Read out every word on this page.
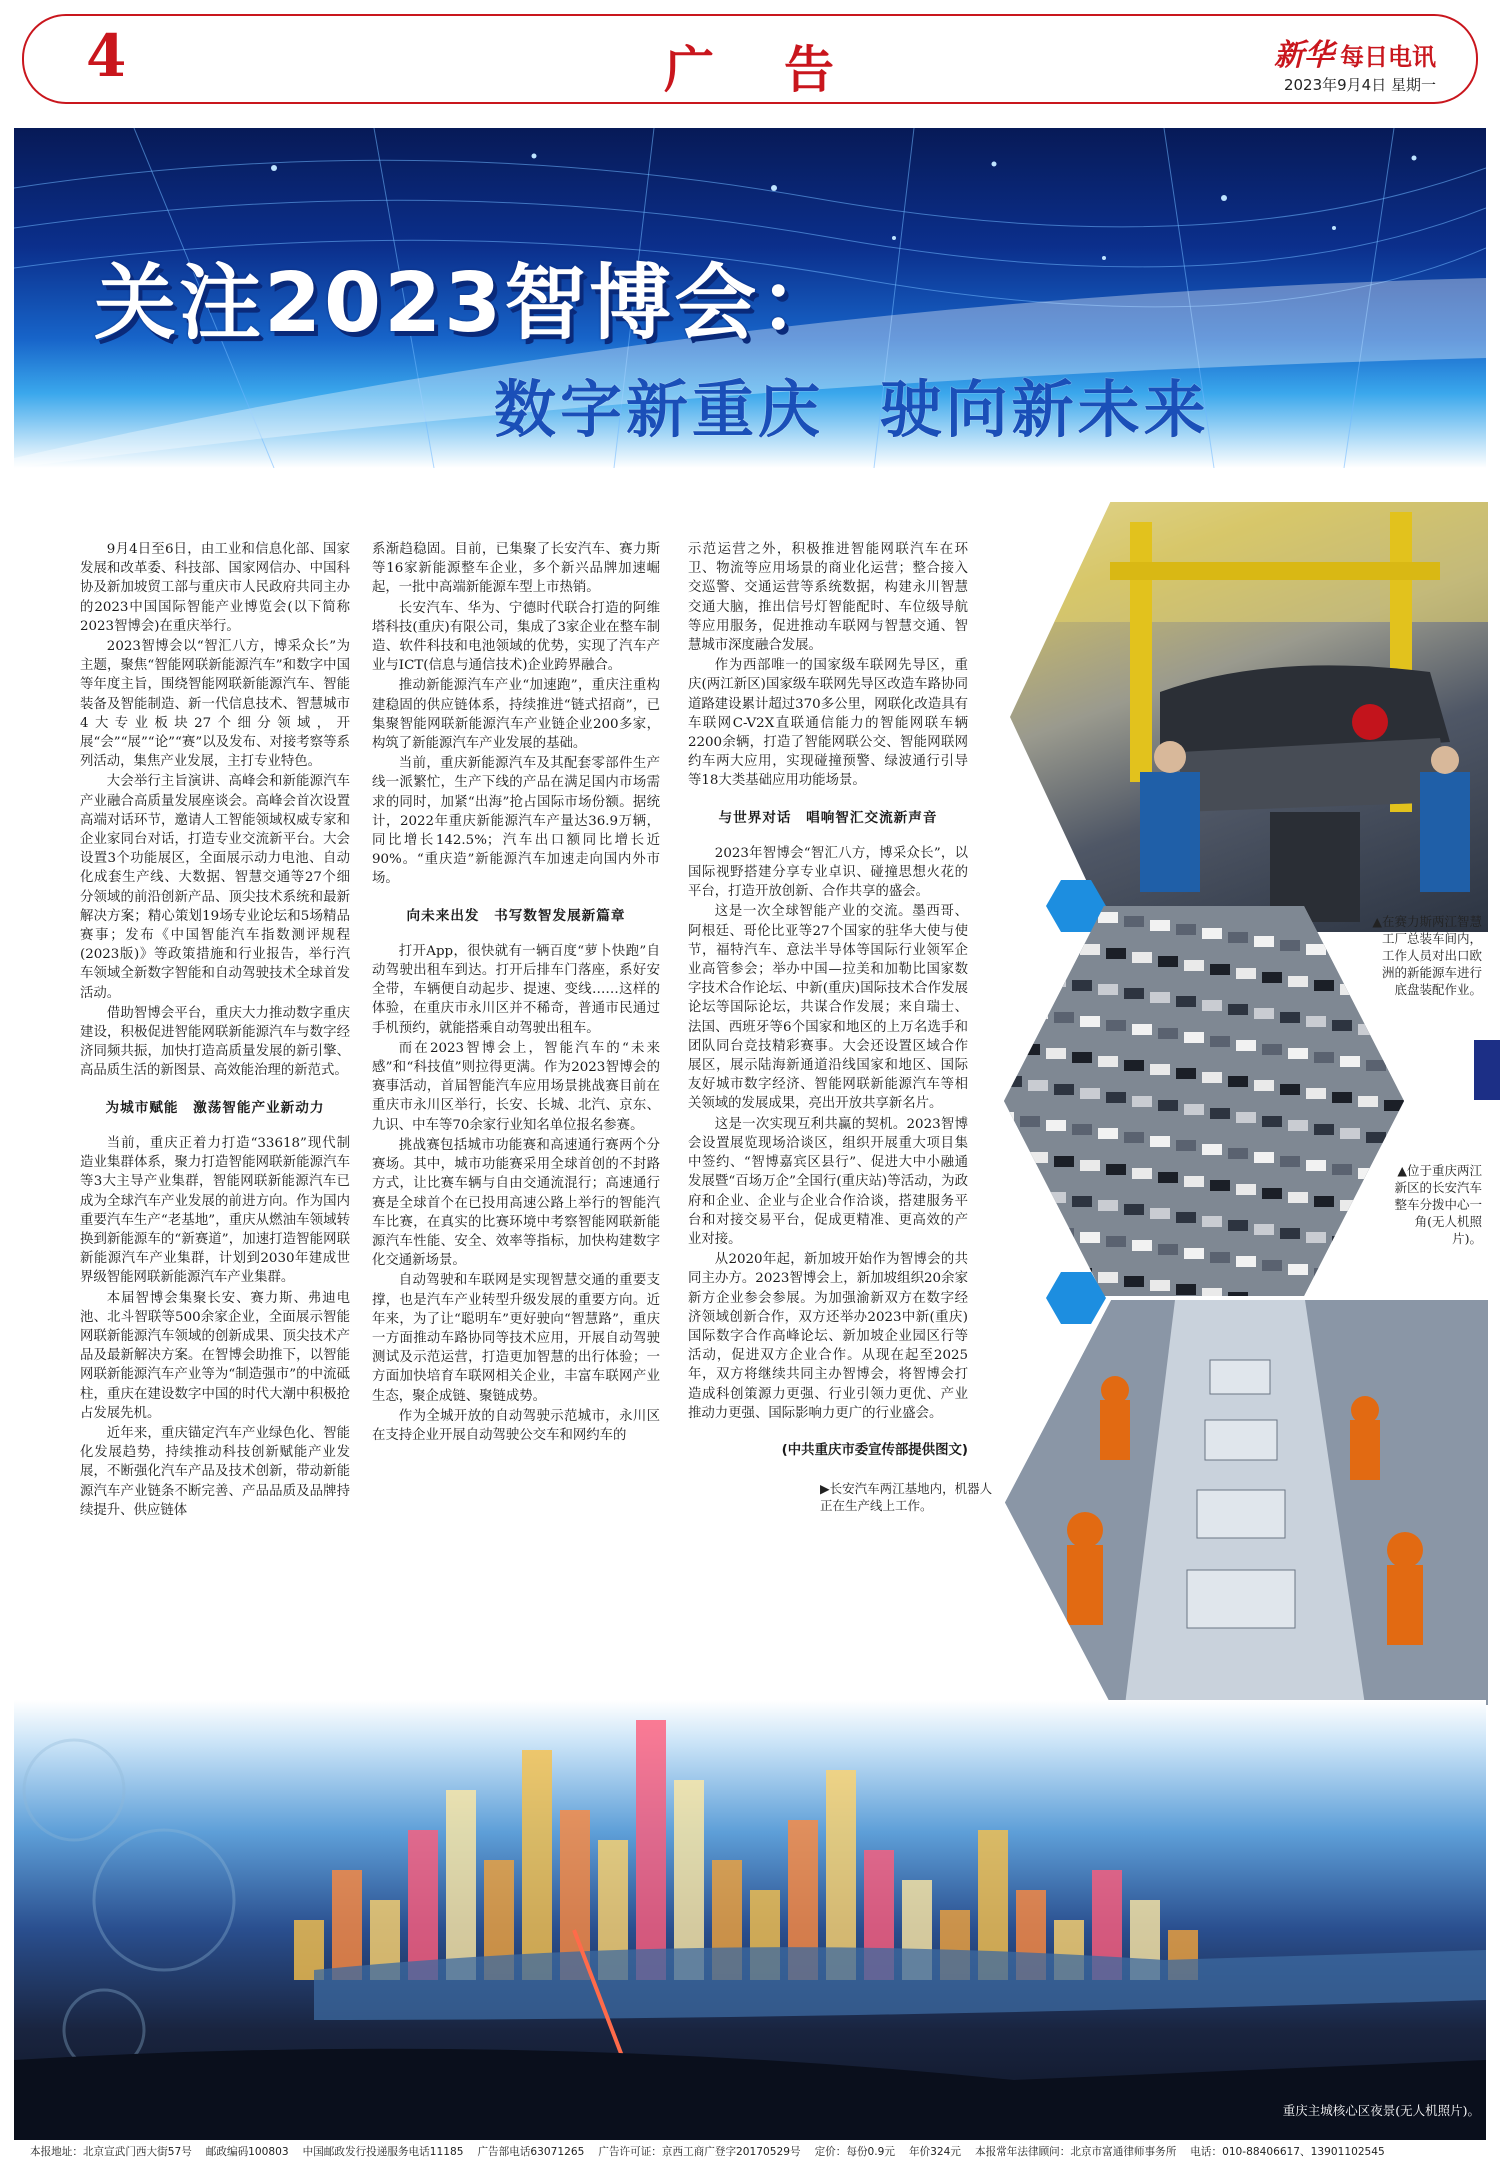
4	广告	新华 每日电讯
2023年9月4日 星期一
关注2023智博会：
数字新重庆 驶向新未来

9月4日至6日，由工业和信息化部、国家发展和改革委、科技部、国家网信办、中国科协及新加坡贸工部与重庆市人民政府共同主办的2023中国国际智能产业博览会(以下简称2023智博会)在重庆举行。

2023智博会以“智汇八方，博采众长”为主题，聚焦“智能网联新能源汽车”和数字中国等年度主旨，围绕智能网联新能源汽车、智能装备及智能制造、新一代信息技术、智慧城市4大专业板块27个细分领域，开展“会”“展”“论”“赛”以及发布、对接考察等系列活动，集焦产业发展，主打专业特色。

大会举行主旨演讲、高峰会和新能源汽车产业融合高质量发展座谈会。高峰会首次设置高端对话环节，邀请人工智能领域权威专家和企业家同台对话，打造专业交流新平台。大会设置3个功能展区，全面展示动力电池、自动化成套生产线、大数据、智慧交通等27个细分领域的前沿创新产品、顶尖技术系统和最新解决方案；精心策划19场专业论坛和5场精品赛事；发布《中国智能汽车指数测评规程(2023版)》等政策措施和行业报告，举行汽车领域全新数字智能和自动驾驶技术全球首发活动。

借助智博会平台，重庆大力推动数字重庆建设，积极促进智能网联新能源汽车与数字经济同频共振，加快打造高质量发展的新引擎、高品质生活的新图景、高效能治理的新范式。

为城市赋能　激荡智能产业新动力

当前，重庆正着力打造“33618”现代制造业集群体系，聚力打造智能网联新能源汽车等3大主导产业集群，智能网联新能源汽车已成为全球汽车产业发展的前进方向。作为国内重要汽车生产“老基地”，重庆从燃油车领域转换到新能源车的“新赛道”，加速打造智能网联新能源汽车产业集群，计划到2030年建成世界级智能网联新能源汽车产业集群。

本届智博会集聚长安、赛力斯、弗迪电池、北斗智联等500余家企业，全面展示智能网联新能源汽车领域的创新成果、顶尖技术产品及最新解决方案。在智博会助推下，以智能网联新能源汽车产业等为“制造强市”的中流砥柱，重庆在建设数字中国的时代大潮中积极抢占发展先机。

近年来，重庆锚定汽车产业绿色化、智能化发展趋势，持续推动科技创新赋能产业发展，不断强化汽车产品及技术创新，带动新能源汽车产业链条不断完善、产品品质及品牌持续提升、供应链体

系渐趋稳固。目前，已集聚了长安汽车、赛力斯等16家新能源整车企业，多个新兴品牌加速崛起，一批中高端新能源车型上市热销。

长安汽车、华为、宁德时代联合打造的阿维塔科技(重庆)有限公司，集成了3家企业在整车制造、软件科技和电池领域的优势，实现了汽车产业与ICT(信息与通信技术)企业跨界融合。

推动新能源汽车产业“加速跑”，重庆注重构建稳固的供应链体系，持续推进“链式招商”，已集聚智能网联新能源汽车产业链企业200多家，构筑了新能源汽车产业发展的基础。

当前，重庆新能源汽车及其配套零部件生产线一派繁忙，生产下线的产品在满足国内市场需求的同时，加紧“出海”抢占国际市场份额。据统计，2022年重庆新能源汽车产量达36.9万辆，同比增长142.5%；汽车出口额同比增长近90%。“重庆造”新能源汽车加速走向国内外市场。

向未来出发　书写数智发展新篇章

打开App，很快就有一辆百度“萝卜快跑”自动驾驶出租车到达。打开后排车门落座，系好安全带，车辆便自动起步、提速、变线……这样的体验，在重庆市永川区并不稀奇，普通市民通过手机预约，就能搭乘自动驾驶出租车。

而在2023智博会上，智能汽车的“未来感”和“科技值”则拉得更满。作为2023智博会的赛事活动，首届智能汽车应用场景挑战赛目前在重庆市永川区举行，长安、长城、北汽、京东、九识、中车等70余家行业知名单位报名参赛。

挑战赛包括城市功能赛和高速通行赛两个分赛场。其中，城市功能赛采用全球首创的不封路方式，让比赛车辆与自由交通流混行；高速通行赛是全球首个在已投用高速公路上举行的智能汽车比赛，在真实的比赛环境中考察智能网联新能源汽车性能、安全、效率等指标，加快构建数字化交通新场景。

自动驾驶和车联网是实现智慧交通的重要支撑，也是汽车产业转型升级发展的重要方向。近年来，为了让“聪明车”更好驶向“智慧路”，重庆一方面推动车路协同等技术应用，开展自动驾驶测试及示范运营，打造更加智慧的出行体验；一方面加快培育车联网相关企业，丰富车联网产业生态，聚企成链、聚链成势。

作为全城开放的自动驾驶示范城市，永川区在支持企业开展自动驾驶公交车和网约车的

示范运营之外，积极推进智能网联汽车在环卫、物流等应用场景的商业化运营；整合接入交巡警、交通运营等系统数据，构建永川智慧交通大脑，推出信号灯智能配时、车位级导航等应用服务，促进推动车联网与智慧交通、智慧城市深度融合发展。

作为西部唯一的国家级车联网先导区，重庆(两江新区)国家级车联网先导区改造车路协同道路建设累计超过370多公里，网联化改造具有车联网C-V2X直联通信能力的智能网联车辆2200余辆，打造了智能网联公交、智能网联网约车两大应用，实现碰撞预警、绿波通行引导等18大类基础应用功能场景。

与世界对话　唱响智汇交流新声音

2023年智博会“智汇八方，博采众长”，以国际视野搭建分享专业卓识、碰撞思想火花的平台，打造开放创新、合作共享的盛会。

这是一次全球智能产业的交流。墨西哥、阿根廷、哥伦比亚等27个国家的驻华大使与使节，福特汽车、意法半导体等国际行业领军企业高管参会；举办中国—拉美和加勒比国家数字技术合作论坛、中新(重庆)国际技术合作发展论坛等国际论坛，共谋合作发展；来自瑞士、法国、西班牙等6个国家和地区的上万名选手和团队同台竞技精彩赛事。大会还设置区域合作展区，展示陆海新通道沿线国家和地区、国际友好城市数字经济、智能网联新能源汽车等相关领域的发展成果，亮出开放共享新名片。

这是一次实现互利共赢的契机。2023智博会设置展览现场洽谈区，组织开展重大项目集中签约、“智博嘉宾区县行”、促进大中小融通发展暨“百场万企”全国行(重庆站)等活动，为政府和企业、企业与企业合作洽谈，搭建服务平台和对接交易平台，促成更精准、更高效的产业对接。

从2020年起，新加坡开始作为智博会的共同主办方。2023智博会上，新加坡组织20余家新方企业参会参展。为加强渝新双方在数字经济领域创新合作，双方还举办2023中新(重庆)国际数字合作高峰论坛、新加坡企业园区行等活动，促进双方企业合作。从现在起至2025年，双方将继续共同主办智博会，将智博会打造成科创策源力更强、行业引领力更优、产业推动力更强、国际影响力更广的行业盛会。

(中共重庆市委宣传部提供图文)
▲在赛力斯两江智慧工厂总装车间内，工作人员对出口欧洲的新能源车进行底盘装配作业。
▲位于重庆两江新区的长安汽车整车分拨中心一角(无人机照片)。
▶长安汽车两江基地内，机器人正在生产线上工作。
重庆主城核心区夜景(无人机照片)。
本报地址：北京宣武门西大街57号 邮政编码100803 中国邮政发行投递服务电话11185 广告部电话63071265 广告许可证：京西工商广登字20170529号 定价：每份0.9元 年价324元 本报常年法律顾问：北京市富通律师事务所 电话：010-88406617、13901102545
